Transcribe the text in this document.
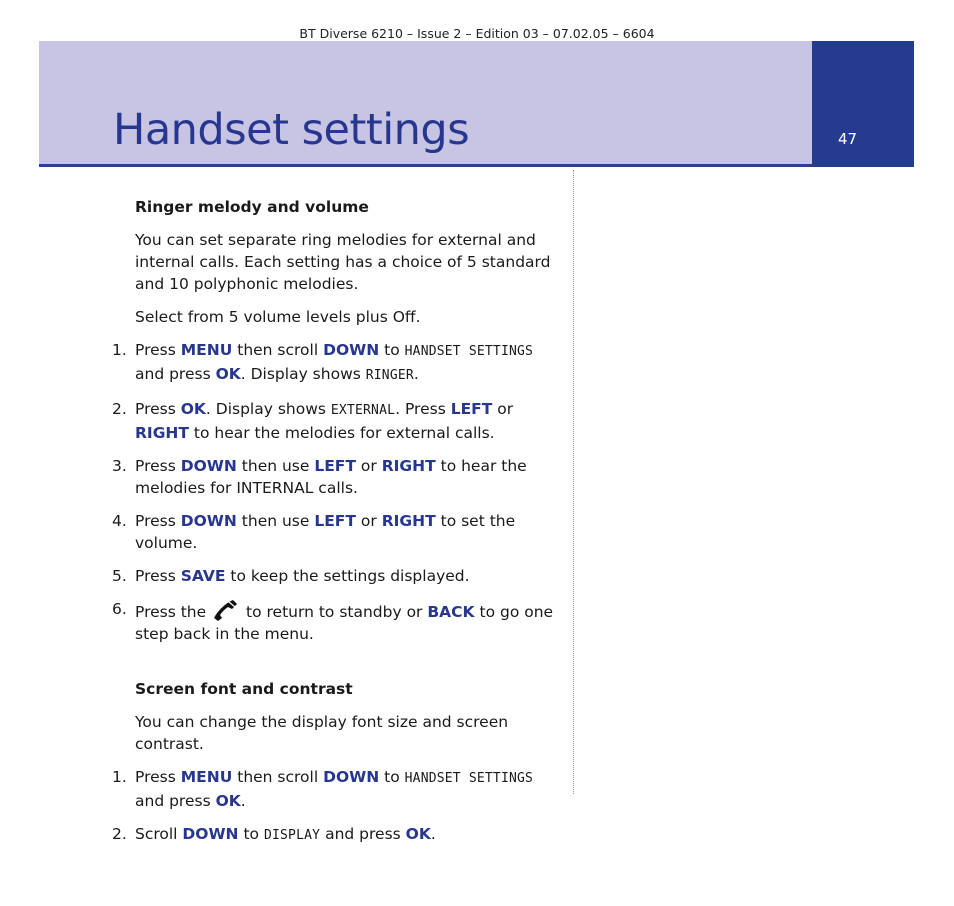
BT Diverse 6210 – Issue 2 – Edition 03 – 07.02.05 – 6604
47
Handset settings
Ringer melody and volume

You can set separate ring melodies for external and internal calls. Each setting has a choice of 5 standard and 10 polyphonic melodies.

Select from 5 volume levels plus Off.

1. Press MENU then scroll DOWN to HANDSET SETTINGS and press OK. Display shows RINGER.
2. Press OK. Display shows EXTERNAL. Press LEFT or RIGHT to hear the melodies for external calls.
3. Press DOWN then use LEFT or RIGHT to hear the melodies for INTERNAL calls.
4. Press DOWN then use LEFT or RIGHT to set the volume.
5. Press SAVE to keep the settings displayed.
6. Press the  to return to standby or BACK to go one step back in the menu.
Screen font and contrast

You can change the display font size and screen contrast.

1. Press MENU then scroll DOWN to HANDSET SETTINGS and press OK.
2. Scroll DOWN to DISPLAY and press OK.
